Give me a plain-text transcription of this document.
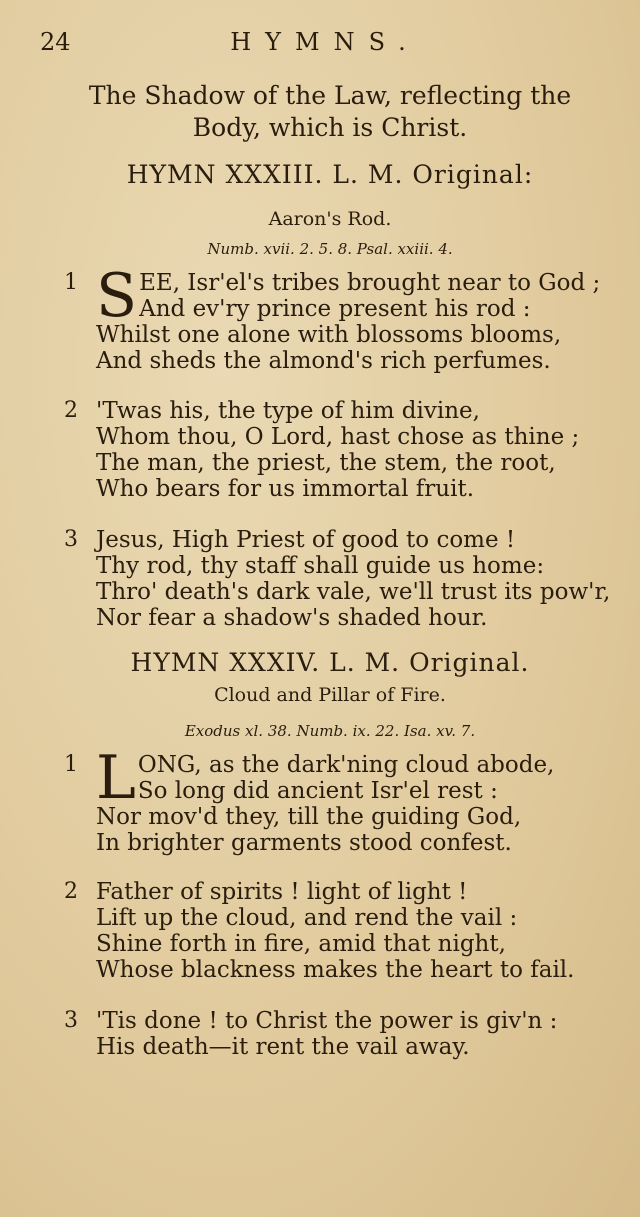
24	HYMNS.
The Shadow of the Law, reflecting the
Body, which is Christ.
HYMN XXXIII. L. M. Original:
Aaron's Rod.
Numb. xvii. 2. 5. 8. Psal. xxiii. 4.
1 SEE, Isr'el's tribes brought near to God ;
And ev'ry prince present his rod :
Whilst one alone with blossoms blooms,
And sheds the almond's rich perfumes.
2 'Twas his, the type of him divine,
Whom thou, O Lord, hast chose as thine ;
The man, the priest, the stem, the root,
Who bears for us immortal fruit.
3 Jesus, High Priest of good to come !
Thy rod, thy staff shall guide us home:
Thro' death's dark vale, we'll trust its pow'r,
Nor fear a shadow's shaded hour.
HYMN XXXIV. L. M. Original.
Cloud and Pillar of Fire.
Exodus xl. 38. Numb. ix. 22. Isa. xv. 7.
1 LONG, as the dark'ning cloud abode,
So long did ancient Isr'el rest :
Nor mov'd they, till the guiding God,
In brighter garments stood confest.
2 Father of spirits ! light of light !
Lift up the cloud, and rend the vail :
Shine forth in fire, amid that night,
Whose blackness makes the heart to fail.
3 'Tis done ! to Christ the power is giv'n :
His death—it rent the vail away.
